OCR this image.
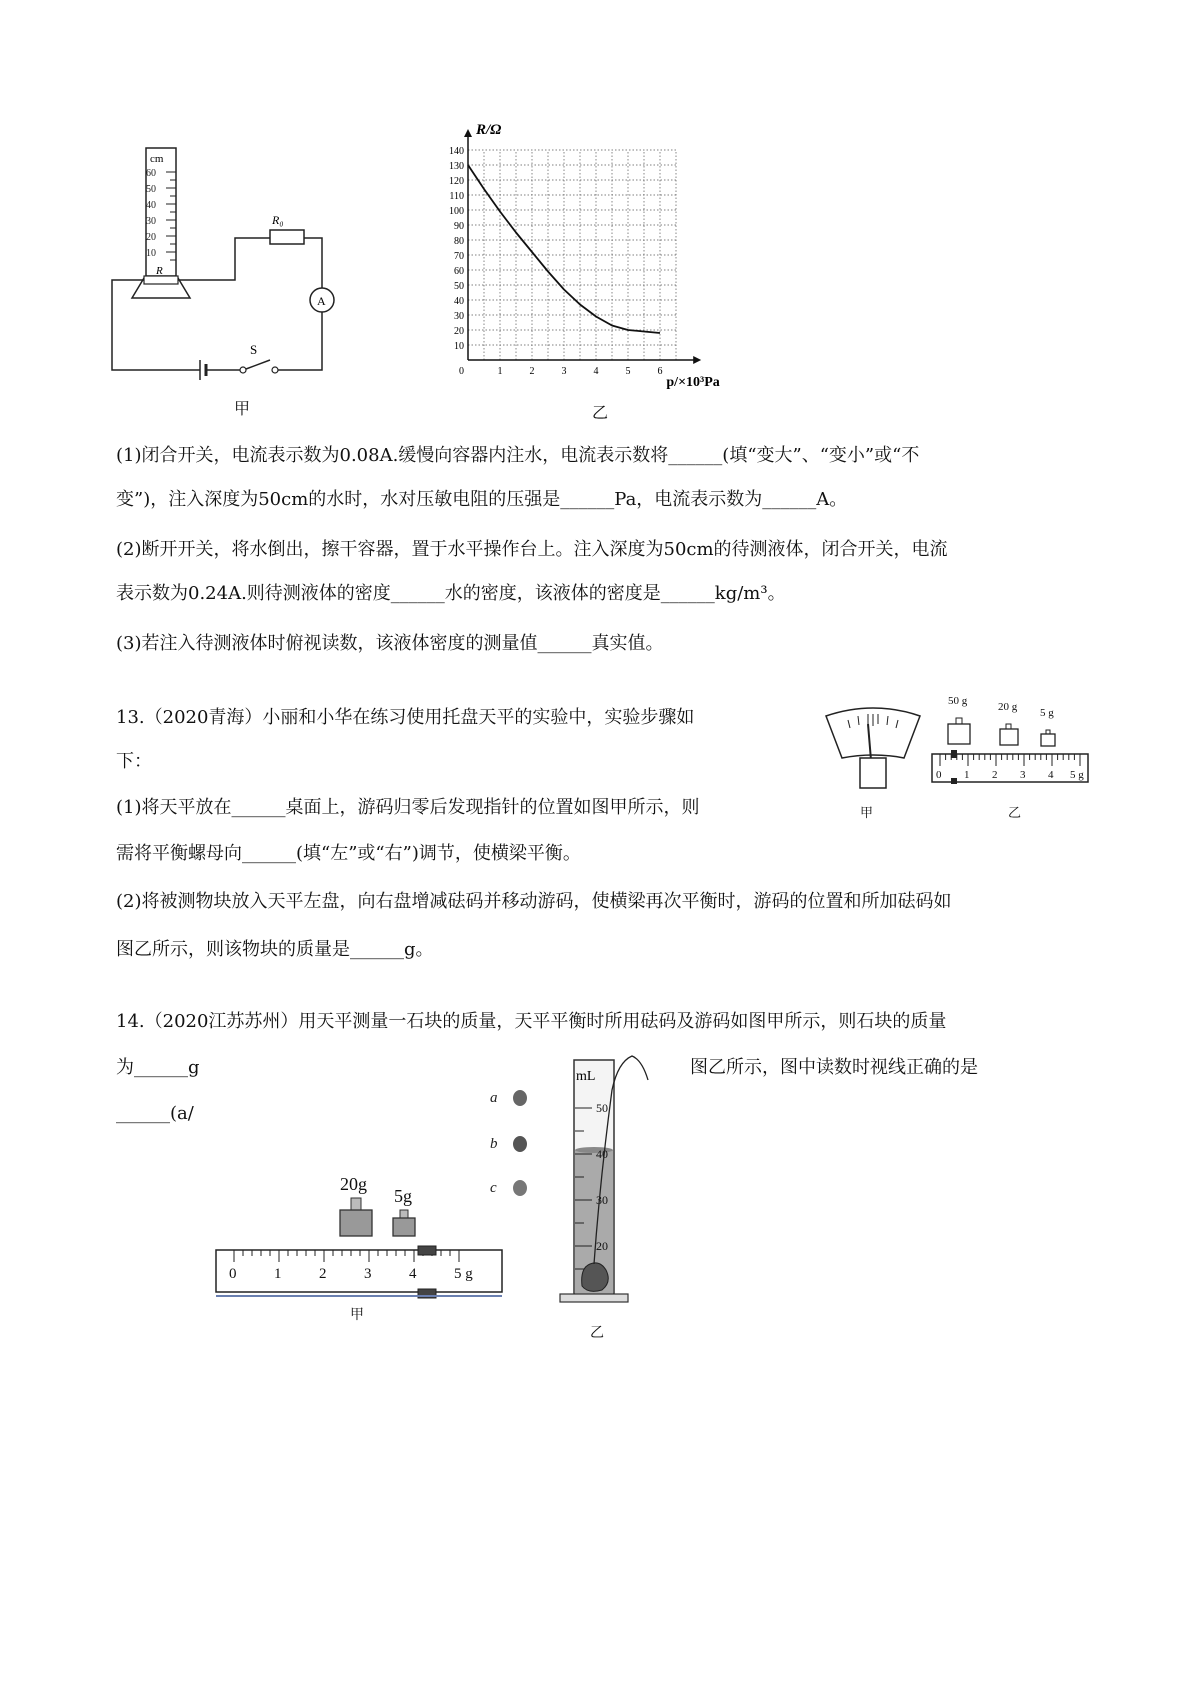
cm
60
50
40
30
20
10
R
R₀
A
S
甲
10
20
30
40
50
60
70
80
90
100
110
120
130
140
1	2	3	4	5	6
0
R/Ω
p/×10³Pa
乙
(1)闭合开关，电流表示数为0.08A.缓慢向容器内注水，电流表示数将______(填“变大”、“变小”或“不
变”)，注入深度为50cm的水时，水对压敏电阻的压强是______Pa，电流表示数为______A。
(2)断开开关，将水倒出，擦干容器，置于水平操作台上。注入深度为50cm的待测液体，闭合开关，电流
表示数为0.24A.则待测液体的密度______水的密度，该液体的密度是______kg/m³。
(3)若注入待测液体时俯视读数，该液体密度的测量值______真实值。
13.（2020青海）小丽和小华在练习使用托盘天平的实验中，实验步骤如
下：
(1)将天平放在______桌面上，游码归零后发现指针的位置如图甲所示，则
需将平衡螺母向______(填“左”或“右”)调节，使横梁平衡。
(2)将被测物块放入天平左盘，向右盘增减砝码并移动游码，使横梁再次平衡时，游码的位置和所加砝码如
图乙所示，则该物块的质量是______g。
甲
50 g	20 g 5 g
0 1 2 3 4 5 g
乙
14.（2020江苏苏州）用天平测量一石块的质量，天平平衡时所用砝码及游码如图甲所示，则石块的质量
为______g	图乙所示，图中读数时视线正确的是
______(a/
20g
5g
0	1	2	3	4	5 g
甲
a
b
c
mL
50
40
30
20
乙
